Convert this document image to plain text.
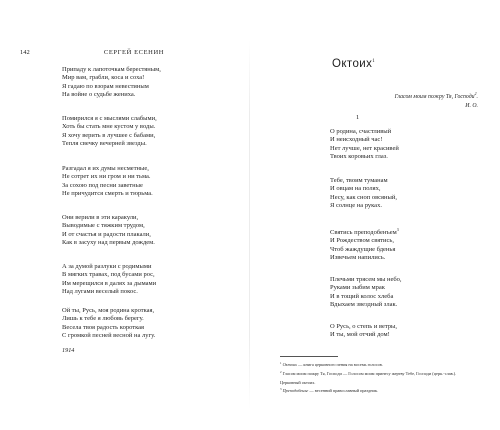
142	СЕРГЕЙ ЕСЕНИН
Припаду к лапоточкам берестяным,
Мир вам, грабли, коса и соха!
Я гадаю по взорам невестиным
На войне о судьбе жениха.
Помирился я с мыслями слабыми,
Хоть бы стать мне кустом у воды.
Я хочу верить в лучшее с бабами,
Тепля свечку вечерней звезды.
Разгадал я их думы несметные,
Не сотрет их ни гром и ни тьма.
За сохою под песни заветные
Не причудится смерть и тюрьма.
Они верили в эти каракули,
Выводимые с тяжким трудом,
И от счастья и радости плакали,
Как в засуху над первым дождем.
А за думой разлуки с родимыми
В мягких травах, под бусами рос,
Им мерещился в далях за дымами
Над лугами веселый покос.
Ой ты, Русь, моя родина кроткая,
Лишь к тебе я любовь берегу.
Весела твоя радость короткая
С громкой песней весной на лугу.
1914
Октоих$^1$
Гласом моим пожру Тя, Господи$^2$.
И. О.
1
О родина, счастливый
И неисходный час!
Нет лучше, нет красивей
Твоих коровьих глаз.
Тебе, твоим туманам
И овцам на полях,
Несу, как сноп овсяный,
Я солнце на руках.
Святись преподобенъем$^3$
И Рождеством святись,
Чтоб жаждущие бденья
Извечьем напились.
Плечьми трясем мы небо,
Руками зыбим мрак
И в тощий колос хлеба
Вдыхаем звездный злак.
О Русь, о степь и ветры,
И ты, мой отчий дом!
$^1$ Октоих — книга церковного пения на восемь голосов.
$^2$ Гласом моим пожру Тя, Господи — Голосом моим принесу жертву Тебе, Господи (церк.-слав.).
Церковный октоих.
$^3$ Преподобенье — весенний православный праздник.
